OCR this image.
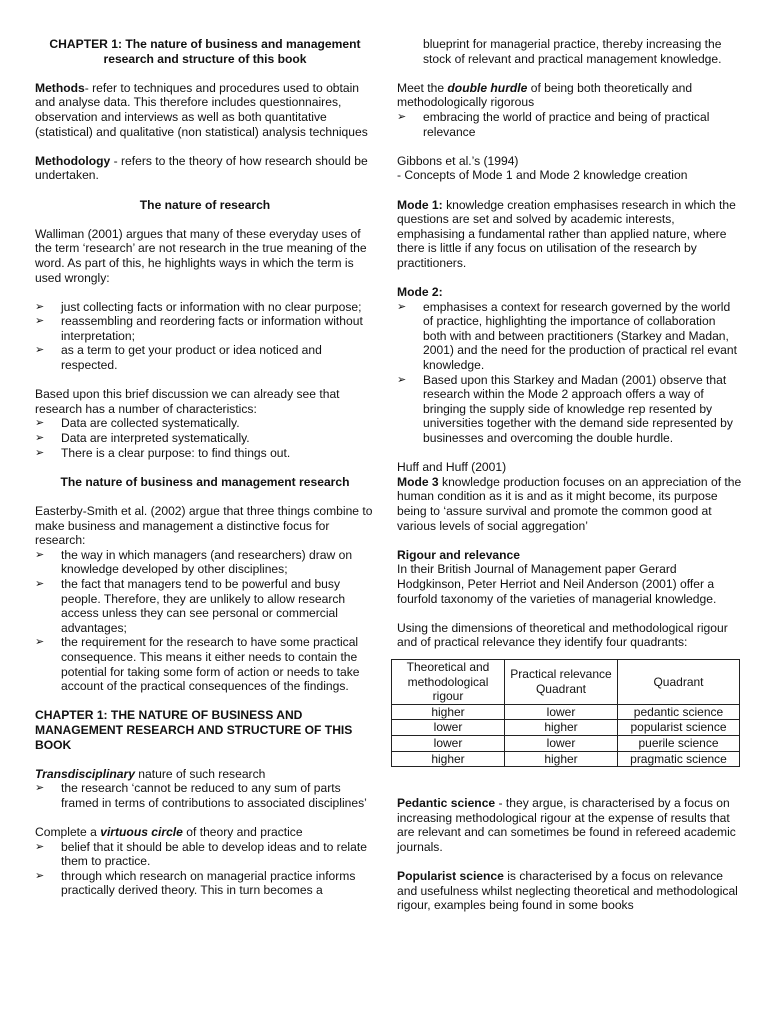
CHAPTER 1: The nature of business and management research and structure of this book

Methods- refer to techniques and procedures used to obtain and analyse data. This therefore includes questionnaires, observation and interviews as well as both quantitative (statistical) and qualitative (non statistical) analysis techniques

Methodology - refers to the theory of how research should be undertaken.

The nature of research

Walliman (2001) argues that many of these everyday uses of the term ‘research’ are not research in the true meaning of the word. As part of this, he highlights ways in which the term is used wrongly:

➢ just collecting facts or information with no clear purpose;
➢ reassembling and reordering facts or information without interpretation;
➢ as a term to get your product or idea noticed and respected.

Based upon this brief discussion we can already see that research has a number of characteristics:

➢ Data are collected systematically.
➢ Data are interpreted systematically.
➢ There is a clear purpose: to find things out.

The nature of business and management research

Easterby-Smith et al. (2002) argue that three things combine to make business and management a distinctive focus for research:

➢ the way in which managers (and researchers) draw on knowledge developed by other disciplines;
➢ the fact that managers tend to be powerful and busy people. Therefore, they are unlikely to allow research access unless they can see personal or commercial advantages;
➢ the requirement for the research to have some practical consequence. This means it either needs to contain the potential for taking some form of action or needs to take account of the practical consequences of the findings.

CHAPTER 1: THE NATURE OF BUSINESS AND MANAGEMENT RESEARCH AND STRUCTURE OF THIS BOOK

Transdisciplinary nature of such research

➢ the research ‘cannot be reduced to any sum of parts framed in terms of contributions to associated disciplines’

Complete a virtuous circle of theory and practice

➢ belief that it should be able to develop ideas and to relate them to practice.
➢ through which research on managerial practice informs practically derived theory. This in turn becomes a

blueprint for managerial practice, thereby increasing the stock of relevant and practical management knowledge.

Meet the double hurdle of being both theoretically and methodologically rigorous

➢ embracing the world of practice and being of practical relevance

Gibbons et al.’s (1994)

- Concepts of Mode 1 and Mode 2 knowledge creation

Mode 1: knowledge creation emphasises research in which the questions are set and solved by academic interests, emphasising a fundamental rather than applied nature, where there is little if any focus on utilisation of the research by practitioners.

Mode 2:

➢ emphasises a context for research governed by the world of practice, highlighting the importance of collaboration both with and between practitioners (Starkey and Madan, 2001) and the need for the production of practical rel evant knowledge.
➢ Based upon this Starkey and Madan (2001) observe that research within the Mode 2 approach offers a way of bringing the supply side of knowledge rep resented by universities together with the demand side represented by businesses and overcoming the double hurdle.

Huff and Huff (2001)

Mode 3 knowledge production focuses on an appreciation of the human condition as it is and as it might become, its purpose being to ‘assure survival and promote the common good at various levels of social aggregation’

Rigour and relevance

In their British Journal of Management paper Gerard Hodgkinson, Peter Herriot and Neil Anderson (2001) offer a fourfold taxonomy of the varieties of managerial knowledge.

Using the dimensions of theoretical and methodological rigour and of practical relevance they identify four quadrants:

Theoretical and methodological rigour	Practical relevance Quadrant	Quadrant
higher	lower	pedantic science
lower	higher	popularist science
lower	lower	puerile science
higher	higher	pragmatic science

Pedantic science - they argue, is characterised by a focus on increasing methodological rigour at the expense of results that are relevant and can sometimes be found in refereed academic journals.

Popularist science is characterised by a focus on relevance and usefulness whilst neglecting theoretical and methodological rigour, examples being found in some books
